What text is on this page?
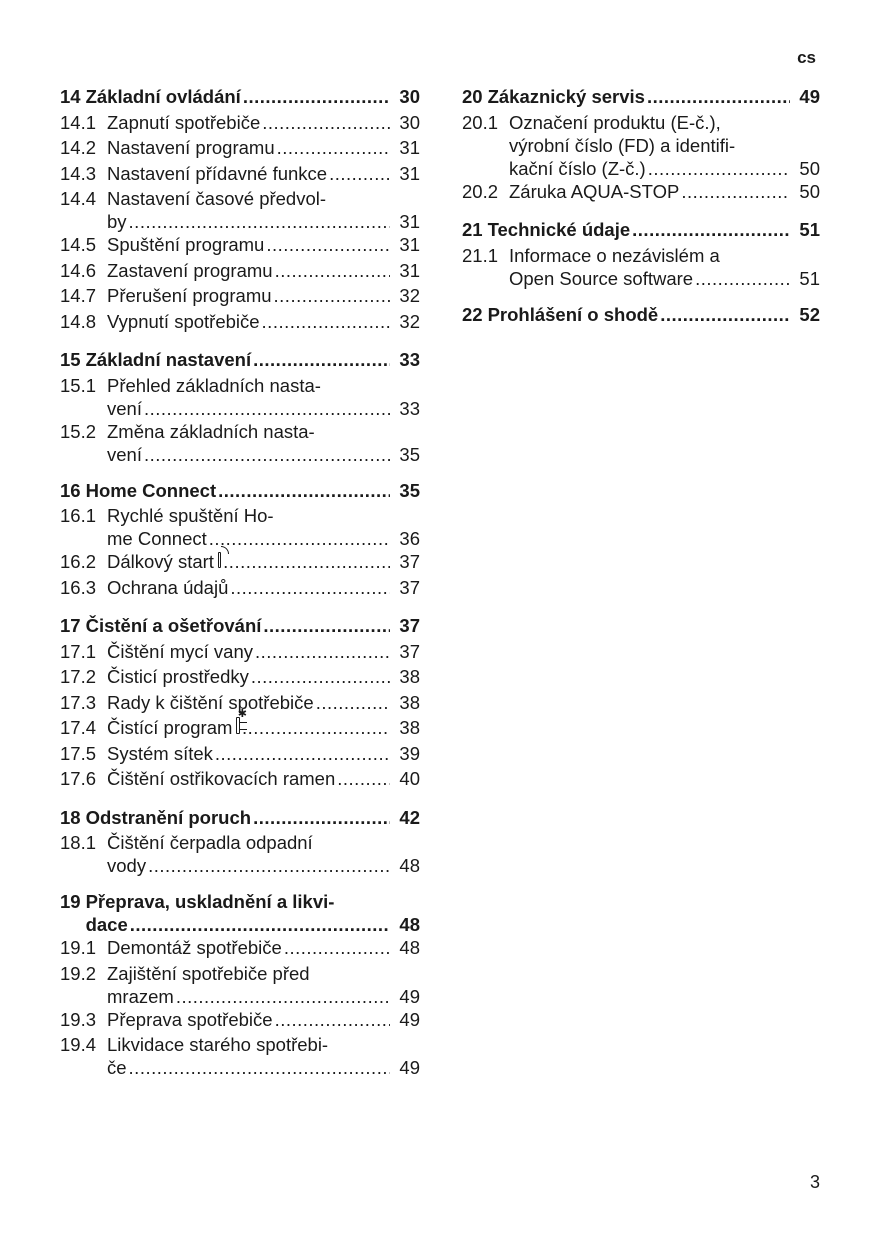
cs
14 Základní ovládání .....	30
14.1 Zapnutí spotřebiče .....	30
14.2 Nastavení programu .....	31
14.3 Nastavení přídavné funkce .....	31
14.4 Nastavení časové předvol-
by .....	31
14.5 Spuštění programu .....	31
14.6 Zastavení programu .....	31
14.7 Přerušení programu .....	32
14.8 Vypnutí spotřebiče .....	32
15 Základní nastavení .....	33
15.1 Přehled základních nasta-
vení .....	33
15.2 Změna základních nasta-
vení .....	35
16 Home Connect .....	35
16.1 Rychlé spuštění Ho-
me Connect .....	36
16.2 Dálkový start .....	37
16.3 Ochrana údajů .....	37
17 Čistění a ošetřování .....	37
17.1 Čištění mycí vany .....	37
17.2 Čisticí prostředky .....	38
17.3 Rady k čištění spotřebiče .....	38
17.4 Čistící program ✱ .....	38
17.5 Systém sítek .....	39
17.6 Čištění ostřikovacích ramen .....	40
18 Odstranění poruch .....	42
18.1 Čištění čerpadla odpadní
vody .....	48
19 Přeprava, uskladnění a likvi-
dace .....	48
19.1 Demontáž spotřebiče .....	48
19.2 Zajištění spotřebiče před
mrazem .....	49
19.3 Přeprava spotřebiče .....	49
19.4 Likvidace starého spotřebi-
če .....	49
20 Zákaznický servis .....	49
20.1 Označení produktu (E-č.),
výrobní číslo (FD) a identifi-
kační číslo (Z-č.) .....	50
20.2 Záruka AQUA-STOP .....	50
21 Technické údaje .....	51
21.1 Informace o nezávislém a
Open Source software .....	51
22 Prohlášení o shodě .....	52
3
